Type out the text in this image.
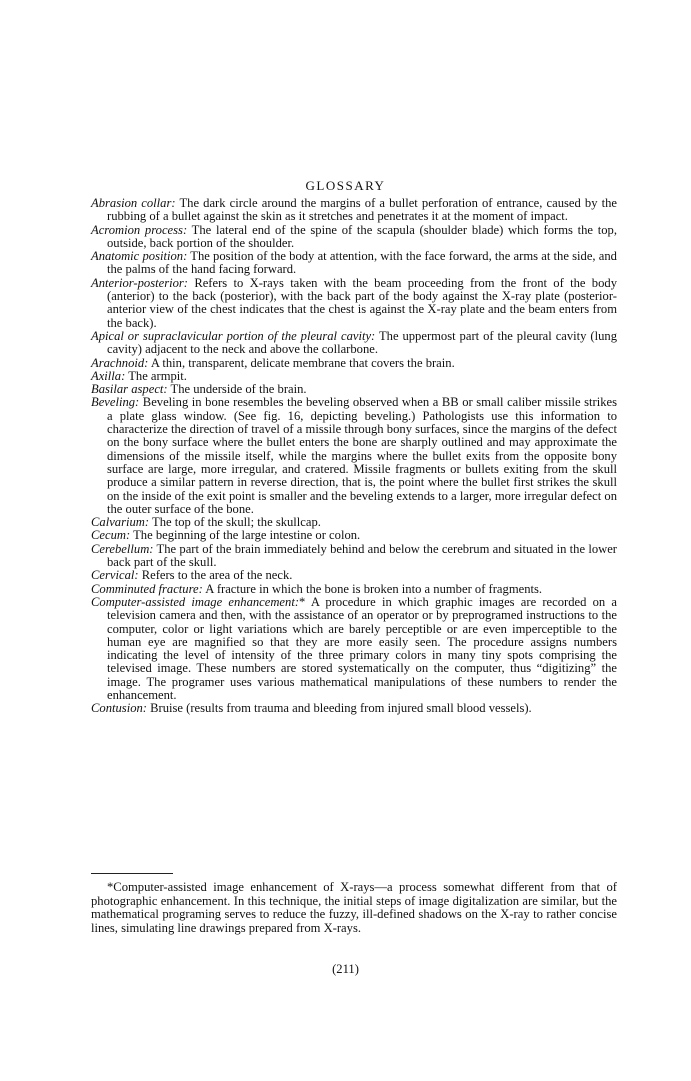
GLOSSARY

Abrasion collar: The dark circle around the margins of a bullet perforation of entrance, caused by the rubbing of a bullet against the skin as it stretches and penetrates it at the moment of impact.

Acromion process: The lateral end of the spine of the scapula (shoulder blade) which forms the top, outside, back portion of the shoulder.

Anatomic position: The position of the body at attention, with the face forward, the arms at the side, and the palms of the hand facing forward.

Anterior-posterior: Refers to X-rays taken with the beam proceeding from the front of the body (anterior) to the back (posterior), with the back part of the body against the X-ray plate (posterior-anterior view of the chest indicates that the chest is against the X-ray plate and the beam enters from the back).

Apical or supraclavicular portion of the pleural cavity: The uppermost part of the pleural cavity (lung cavity) adjacent to the neck and above the collarbone.

Arachnoid: A thin, transparent, delicate membrane that covers the brain.

Axilla: The armpit.

Basilar aspect: The underside of the brain.

Beveling: Beveling in bone resembles the beveling observed when a BB or small caliber missile strikes a plate glass window. (See fig. 16, depicting beveling.) Pathologists use this information to characterize the direction of travel of a missile through bony surfaces, since the margins of the defect on the bony surface where the bullet enters the bone are sharply outlined and may approximate the dimensions of the missile itself, while the margins where the bullet exits from the opposite bony surface are large, more irregular, and cratered. Missile fragments or bullets exiting from the skull produce a similar pattern in reverse direction, that is, the point where the bullet first strikes the skull on the inside of the exit point is smaller and the beveling extends to a larger, more irregular defect on the outer surface of the bone.

Calvarium: The top of the skull; the skullcap.

Cecum: The beginning of the large intestine or colon.

Cerebellum: The part of the brain immediately behind and below the cerebrum and situated in the lower back part of the skull.

Cervical: Refers to the area of the neck.

Comminuted fracture: A fracture in which the bone is broken into a number of fragments.

Computer-assisted image enhancement:* A procedure in which graphic images are recorded on a television camera and then, with the assistance of an operator or by preprogramed instructions to the computer, color or light variations which are barely perceptible or are even imperceptible to the human eye are magnified so that they are more easily seen. The procedure assigns numbers indicating the level of intensity of the three primary colors in many tiny spots comprising the televised image. These numbers are stored systematically on the computer, thus “digitizing” the image. The programer uses various mathematical manipulations of these numbers to render the enhancement.

Contusion: Bruise (results from trauma and bleeding from injured small blood vessels).

*Computer-assisted image enhancement of X-rays—a process somewhat different from that of photographic enhancement. In this technique, the initial steps of image digitalization are similar, but the mathematical programing serves to reduce the fuzzy, ill-defined shadows on the X-ray to rather concise lines, simulating line drawings prepared from X-rays.

(211)
